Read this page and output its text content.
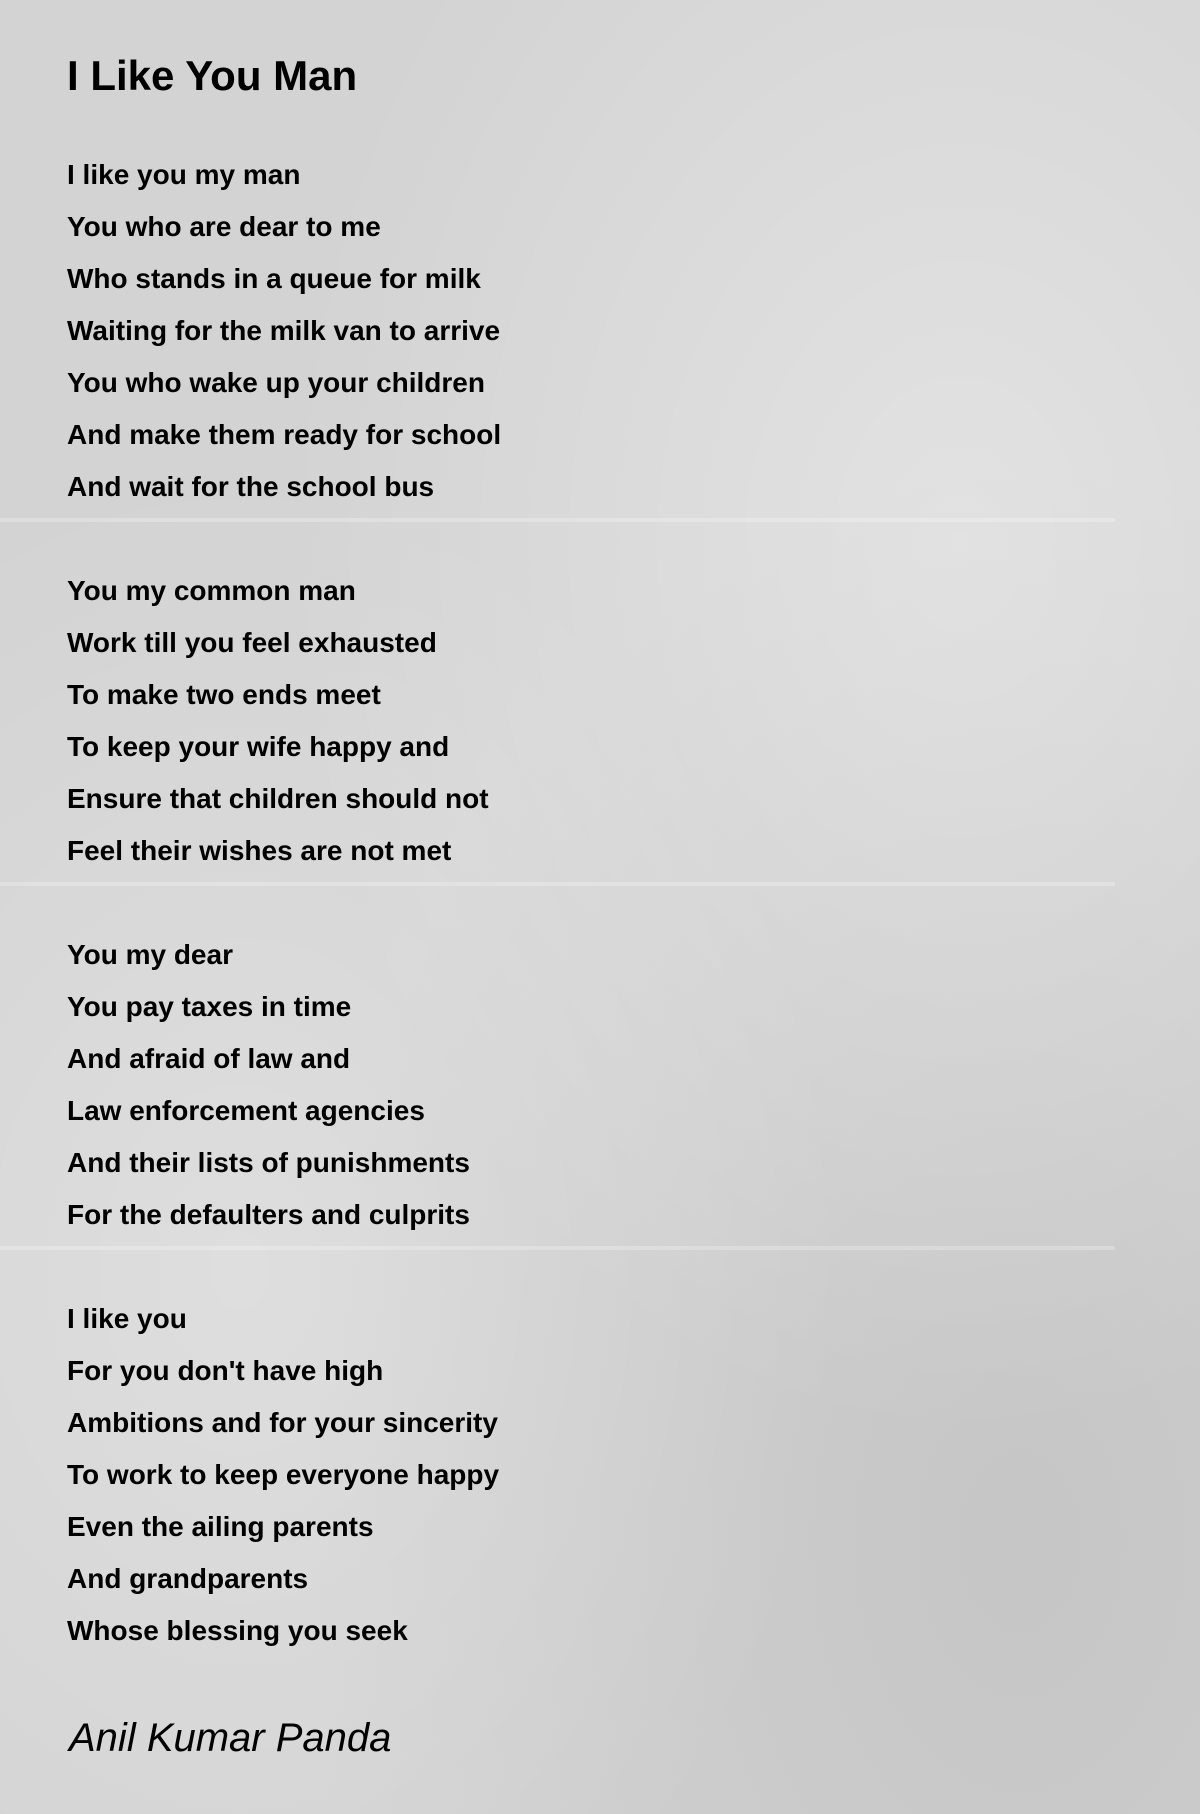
I Like You Man
I like you my man
You who are dear to me
Who stands in a queue for milk
Waiting for the milk van to arrive
You who wake up your children
And make them ready for school
And wait for the school bus
You my common man
Work till you feel exhausted
To make two ends meet
To keep your wife happy and
Ensure that children should not
Feel their wishes are not met
You my dear
You pay taxes in time
And afraid of law and
Law enforcement agencies
And their lists of punishments
For the defaulters and culprits
I like you
For you don't have high
Ambitions and for your sincerity
To work to keep everyone happy
Even the ailing parents
And grandparents
Whose blessing you seek
Anil Kumar Panda
